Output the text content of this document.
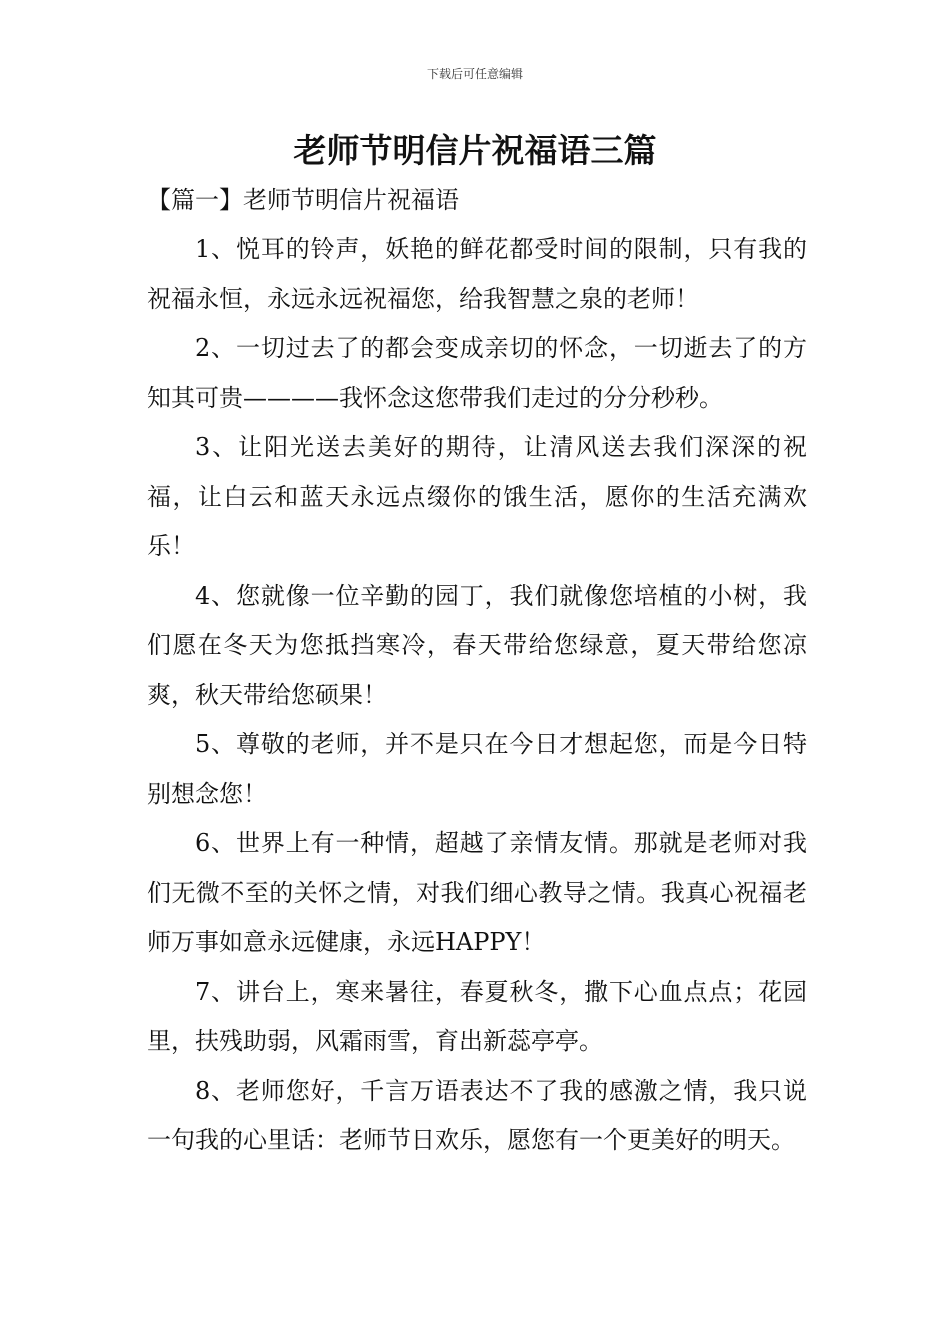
下载后可任意编辑
老师节明信片祝福语三篇

【篇一】老师节明信片祝福语

1、悦耳的铃声，妖艳的鲜花都受时间的限制，只有我的祝福永恒，永远永远祝福您，给我智慧之泉的老师！

2、一切过去了的都会变成亲切的怀念，一切逝去了的方知其可贵————我怀念这您带我们走过的分分秒秒。

3、让阳光送去美好的期待，让清风送去我们深深的祝福，让白云和蓝天永远点缀你的饿生活，愿你的生活充满欢乐！

4、您就像一位辛勤的园丁，我们就像您培植的小树，我们愿在冬天为您抵挡寒冷，春天带给您绿意，夏天带给您凉爽，秋天带给您硕果！

5、尊敬的老师，并不是只在今日才想起您，而是今日特别想念您！

6、世界上有一种情，超越了亲情友情。那就是老师对我们无微不至的关怀之情，对我们细心教导之情。我真心祝福老师万事如意永远健康，永远HAPPY！

7、讲台上，寒来暑往，春夏秋冬，撒下心血点点；花园里，扶残助弱，风霜雨雪，育出新蕊亭亭。

8、老师您好，千言万语表达不了我的感激之情，我只说一句我的心里话：老师节日欢乐，愿您有一个更美好的明天。
